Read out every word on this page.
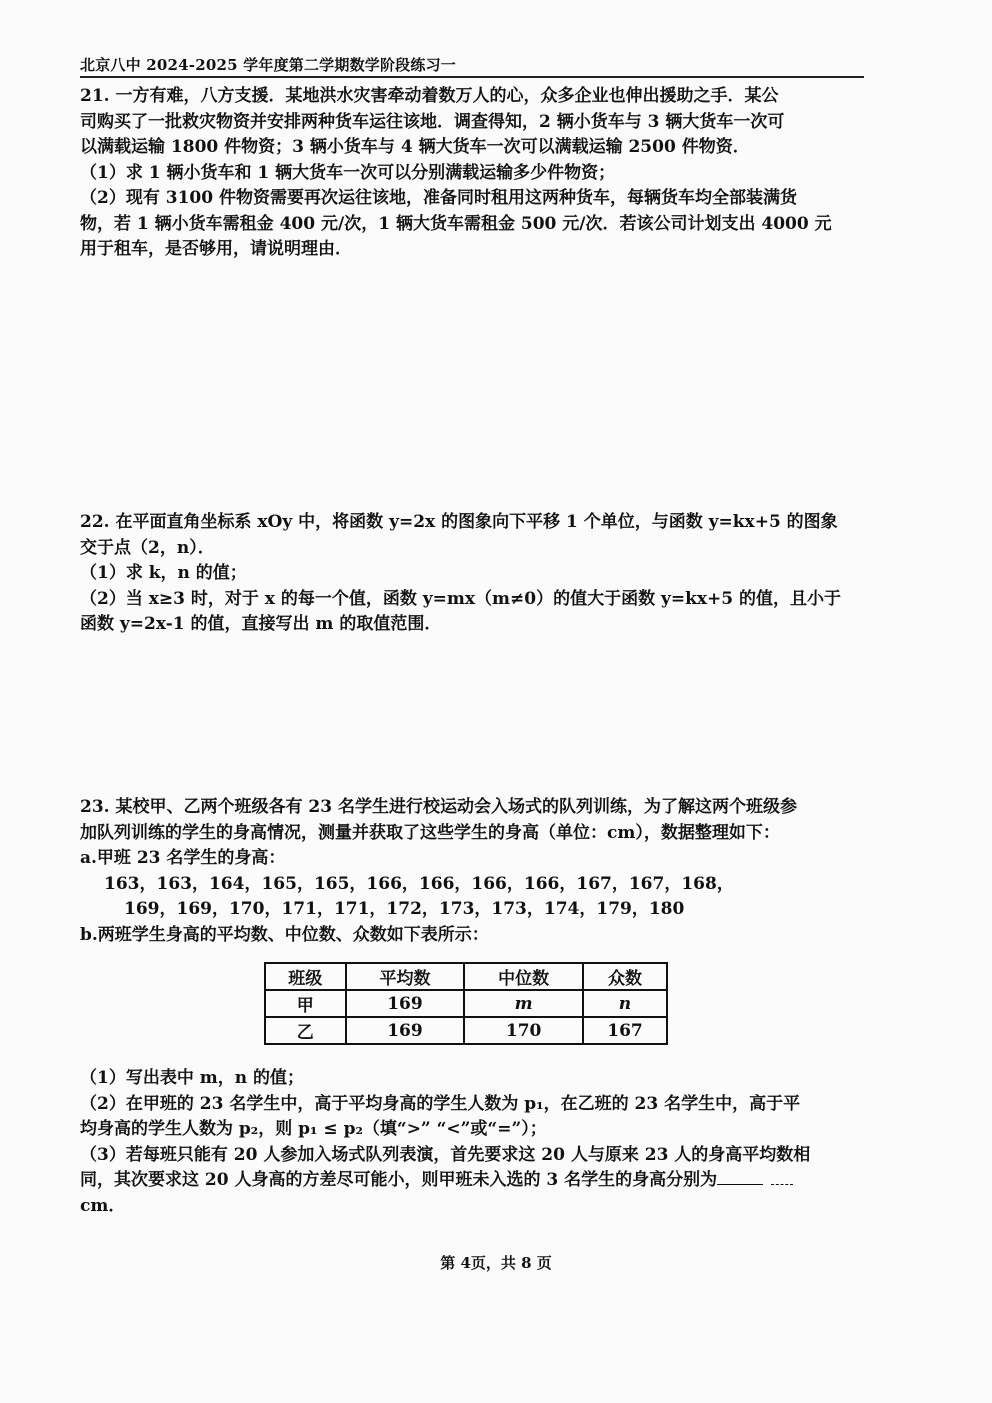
北京八中 2024-2025 学年度第二学期数学阶段练习一
21. 一方有难，八方支援．某地洪水灾害牵动着数万人的心，众多企业也伸出援助之手．某公
司购买了一批救灾物资并安排两种货车运往该地．调查得知，2 辆小货车与 3 辆大货车一次可
以满载运输 1800 件物资；3 辆小货车与 4 辆大货车一次可以满载运输 2500 件物资．
（1）求 1 辆小货车和 1 辆大货车一次可以分别满载运输多少件物资；
（2）现有 3100 件物资需要再次运往该地，准备同时租用这两种货车，每辆货车均全部装满货
物，若 1 辆小货车需租金 400 元/次，1 辆大货车需租金 500 元/次．若该公司计划支出 4000 元
用于租车，是否够用，请说明理由．
22. 在平面直角坐标系 xOy 中，将函数 y=2x 的图象向下平移 1 个单位，与函数 y=kx+5 的图象
交于点（2，n）．
（1）求 k，n 的值；
（2）当 x≥3 时，对于 x 的每一个值，函数 y=mx（m≠0）的值大于函数 y=kx+5 的值，且小于
函数 y=2x-1 的值，直接写出 m 的取值范围．
23. 某校甲、乙两个班级各有 23 名学生进行校运动会入场式的队列训练，为了解这两个班级参
加队列训练的学生的身高情况，测量并获取了这些学生的身高（单位：cm），数据整理如下：
a.甲班 23 名学生的身高：
163，163，164，165，165，166，166，166，166，167，167，168，
169，169，170，171，171，172，173，173，174，179，180
b.两班学生身高的平均数、中位数、众数如下表所示：
班级	平均数	中位数	众数
甲	169	m	n
乙	169	170	167
（1）写出表中 m，n 的值；
（2）在甲班的 23 名学生中，高于平均身高的学生人数为 p₁，在乙班的 23 名学生中，高于平
均身高的学生人数为 p₂，则 p₁ ≤ p₂（填“>” “<”或“=”）；
（3）若每班只能有 20 人参加入场式队列表演，首先要求这 20 人与原来 23 人的身高平均数相
同，其次要求这 20 人身高的方差尽可能小，则甲班未入选的 3 名学生的身高分别为
cm．
第 4页，共 8 页
